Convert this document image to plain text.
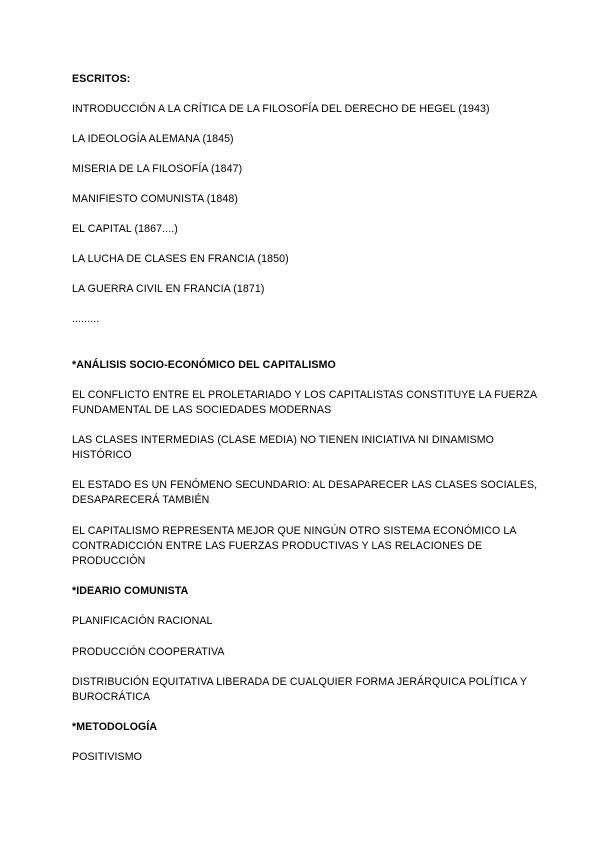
ESCRITOS:
INTRODUCCIÓN A LA CRÍTICA DE LA FILOSOFÍA DEL DERECHO DE HEGEL (1943)
LA IDEOLOGÍA ALEMANA (1845)
MISERIA DE LA FILOSOFÍA (1847)
MANIFIESTO COMUNISTA (1848)
EL CAPITAL (1867....)
LA LUCHA DE CLASES EN FRANCIA (1850)
LA GUERRA CIVIL EN FRANCIA (1871)
.........
*ANÁLISIS SOCIO-ECONÓMICO DEL CAPITALISMO
EL CONFLICTO ENTRE EL PROLETARIADO Y LOS CAPITALISTAS CONSTITUYE LA FUERZA FUNDAMENTAL DE LAS SOCIEDADES MODERNAS
LAS CLASES INTERMEDIAS (CLASE MEDIA) NO TIENEN INICIATIVA NI DINAMISMO HISTÓRICO
EL ESTADO ES UN FENÓMENO SECUNDARIO: AL DESAPARECER LAS CLASES SOCIALES, DESAPARECERÁ TAMBIÉN
EL CAPITALISMO REPRESENTA MEJOR QUE NINGÚN OTRO SISTEMA ECONÓMICO LA CONTRADICCIÓN ENTRE LAS FUERZAS PRODUCTIVAS Y LAS RELACIONES DE PRODUCCIÓN
*IDEARIO COMUNISTA
PLANIFICACIÓN RACIONAL
PRODUCCIÓN COOPERATIVA
DISTRIBUCIÓN EQUITATIVA LIBERADA DE CUALQUIER FORMA JERÁRQUICA POLÍTICA Y BUROCRÁTICA
*METODOLOGÍA
POSITIVISMO
